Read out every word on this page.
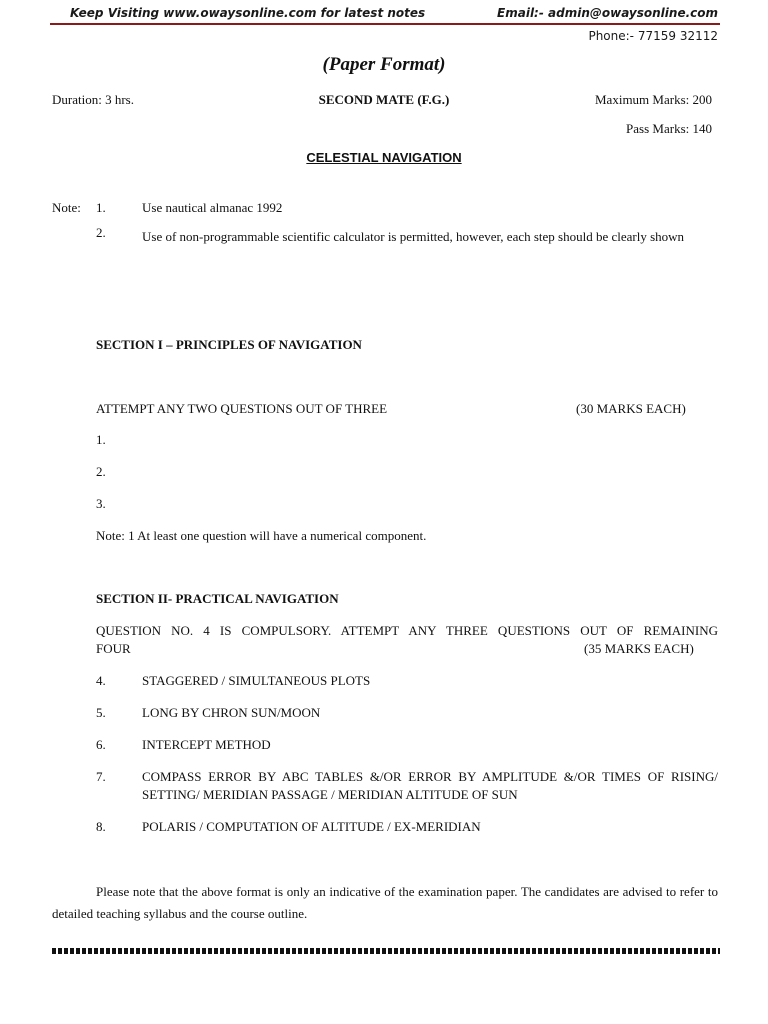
Keep Visiting www.owaysonline.com for latest notes	Email:- admin@owaysonline.com
Phone:- 77159 32112
(Paper Format)
Duration: 3 hrs.	SECOND MATE (F.G.)	Maximum Marks: 200
Pass Marks: 140
CELESTIAL NAVIGATION
Note: 1.	Use nautical almanac 1992
2.	Use of non-programmable scientific calculator is permitted, however, each step should be clearly shown
SECTION I – PRINCIPLES OF NAVIGATION
ATTEMPT ANY TWO QUESTIONS OUT OF THREE	(30 MARKS EACH)
1.
2.
3.
Note: 1 At least one question will have a numerical component.
SECTION II- PRACTICAL NAVIGATION
QUESTION NO. 4 IS COMPULSORY. ATTEMPT ANY THREE QUESTIONS OUT OF REMAINING
FOUR	(35 MARKS EACH)
4.	STAGGERED / SIMULTANEOUS PLOTS
5.	LONG BY CHRON SUN/MOON
6.	INTERCEPT METHOD
7.	COMPASS ERROR BY ABC TABLES &/OR ERROR BY AMPLITUDE &/OR TIMES OF RISING/
SETTING/ MERIDIAN PASSAGE / MERIDIAN ALTITUDE OF SUN
8.	POLARIS / COMPUTATION OF ALTITUDE / EX-MERIDIAN
Please note that the above format is only an indicative of the examination paper. The candidates are advised to refer to detailed teaching syllabus and the course outline.
